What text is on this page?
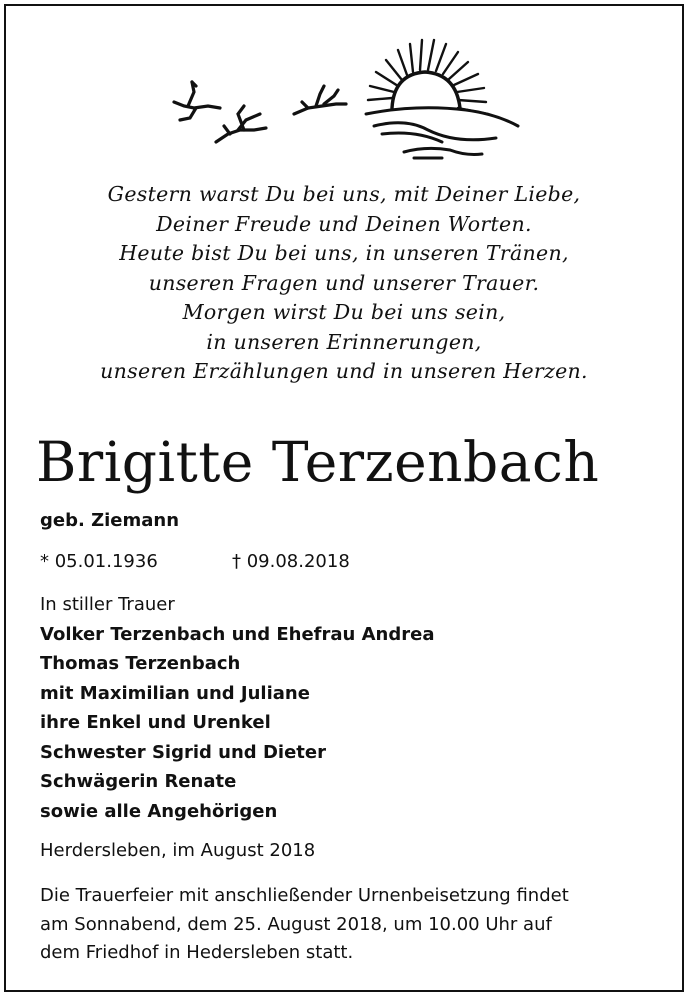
Gestern warst Du bei uns, mit Deiner Liebe,
Deiner Freude und Deinen Worten.
Heute bist Du bei uns, in unseren Tränen,
unseren Fragen und unserer Trauer.
Morgen wirst Du bei uns sein,
in unseren Erinnerungen,
unseren Erzählungen und in unseren Herzen.
Brigitte Terzenbach
geb. Ziemann
* 05.01.1936	† 09.08.2018
In stiller Trauer
Volker Terzenbach und Ehefrau Andrea
Thomas Terzenbach
mit Maximilian und Juliane
ihre Enkel und Urenkel
Schwester Sigrid und Dieter
Schwägerin Renate
sowie alle Angehörigen
Herdersleben, im August 2018
Die Trauerfeier mit anschließender Urnenbeisetzung findet
am Sonnabend, dem 25. August 2018, um 10.00 Uhr auf
dem Friedhof in Hedersleben statt.
